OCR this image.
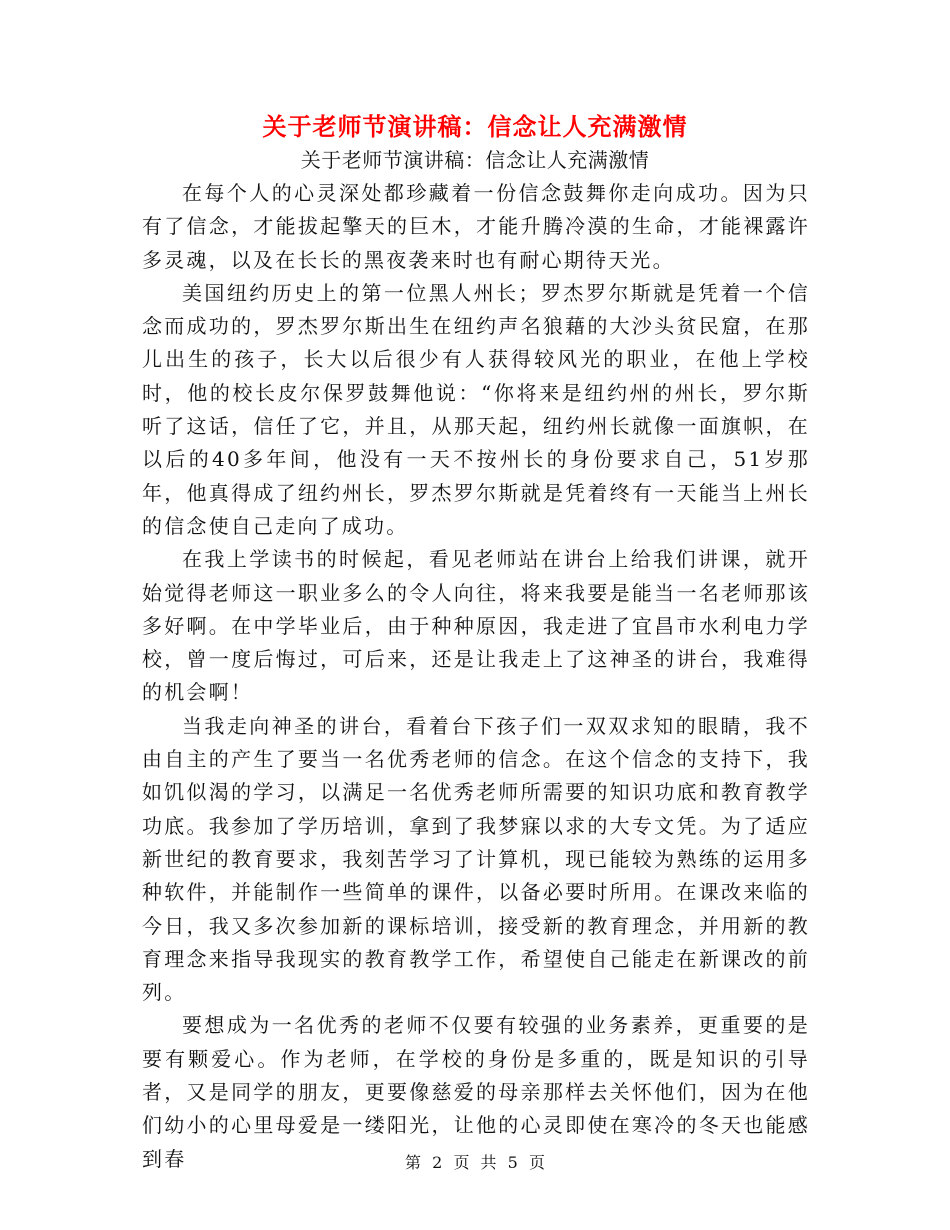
关于老师节演讲稿：信念让人充满激情
关于老师节演讲稿：信念让人充满激情

在每个人的心灵深处都珍藏着一份信念鼓舞你走向成功。因为只有了信念，才能拔起擎天的巨木，才能升腾冷漠的生命，才能裸露许多灵魂，以及在长长的黑夜袭来时也有耐心期待天光。

美国纽约历史上的第一位黑人州长；罗杰罗尔斯就是凭着一个信念而成功的，罗杰罗尔斯出生在纽约声名狼藉的大沙头贫民窟，在那儿出生的孩子，长大以后很少有人获得较风光的职业，在他上学校时，他的校长皮尔保罗鼓舞他说：“你将来是纽约州的州长，罗尔斯听了这话，信任了它，并且，从那天起，纽约州长就像一面旗帜，在以后的40多年间，他没有一天不按州长的身份要求自己，51岁那年，他真得成了纽约州长，罗杰罗尔斯就是凭着终有一天能当上州长的信念使自己走向了成功。

在我上学读书的时候起，看见老师站在讲台上给我们讲课，就开始觉得老师这一职业多么的令人向往，将来我要是能当一名老师那该多好啊。在中学毕业后，由于种种原因，我走进了宜昌市水利电力学校，曾一度后悔过，可后来，还是让我走上了这神圣的讲台，我难得的机会啊！

当我走向神圣的讲台，看着台下孩子们一双双求知的眼睛，我不由自主的产生了要当一名优秀老师的信念。在这个信念的支持下，我如饥似渴的学习，以满足一名优秀老师所需要的知识功底和教育教学功底。我参加了学历培训，拿到了我梦寐以求的大专文凭。为了适应新世纪的教育要求，我刻苦学习了计算机，现已能较为熟练的运用多种软件，并能制作一些简单的课件，以备必要时所用。在课改来临的今日，我又多次参加新的课标培训，接受新的教育理念，并用新的教育理念来指导我现实的教育教学工作，希望使自己能走在新课改的前列。

要想成为一名优秀的老师不仅要有较强的业务素养，更重要的是要有颗爱心。作为老师，在学校的身份是多重的，既是知识的引导者，又是同学的朋友，更要像慈爱的母亲那样去关怀他们，因为在他们幼小的心里母爱是一缕阳光，让他的心灵即使在寒冷的冬天也能感到春	第 2 页 共 5 页
